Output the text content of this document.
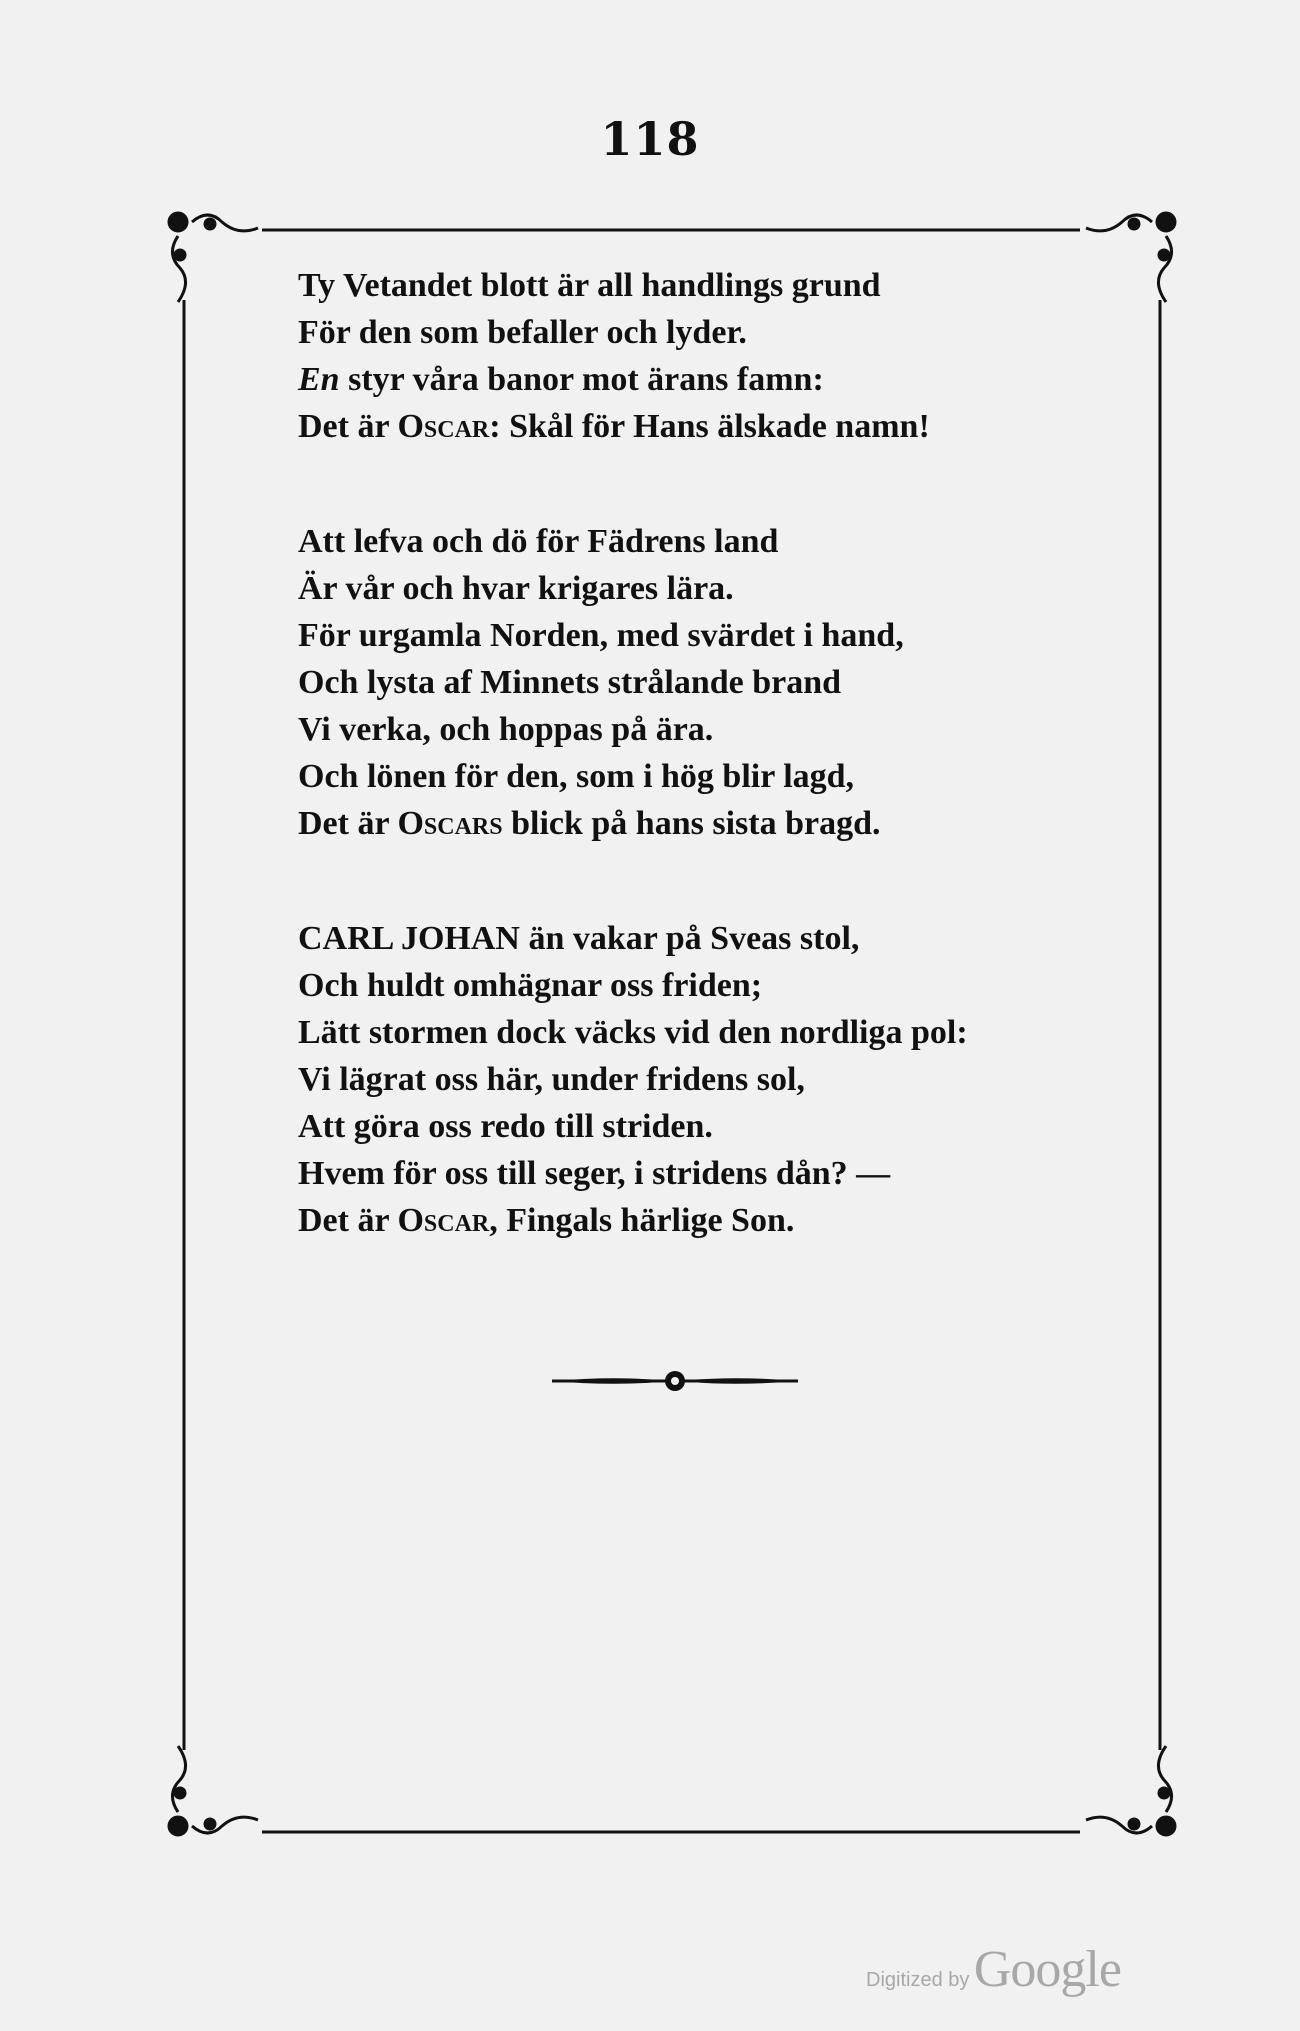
118
Ty Vetandet blott är all handlings grund
För den som befaller och lyder.
En styr våra banor mot ärans famn:
Det är Oscar: Skål för Hans älskade namn!
Att lefva och dö för Fädrens land
Är vår och hvar krigares lära.
För urgamla Norden, med svärdet i hand,
Och lysta af Minnets strålande brand
Vi verka, och hoppas på ära.
Och lönen för den, som i hög blir lagd,
Det är Oscars blick på hans sista bragd.
CARL JOHAN än vakar på Sveas stol,
Och huldt omhägnar oss friden;
Lätt stormen dock väcks vid den nordliga pol:
Vi lägrat oss här, under fridens sol,
Att göra oss redo till striden.
Hvem för oss till seger, i stridens dån? —
Det är Oscar, Fingals härlige Son.
Digitized by Google
